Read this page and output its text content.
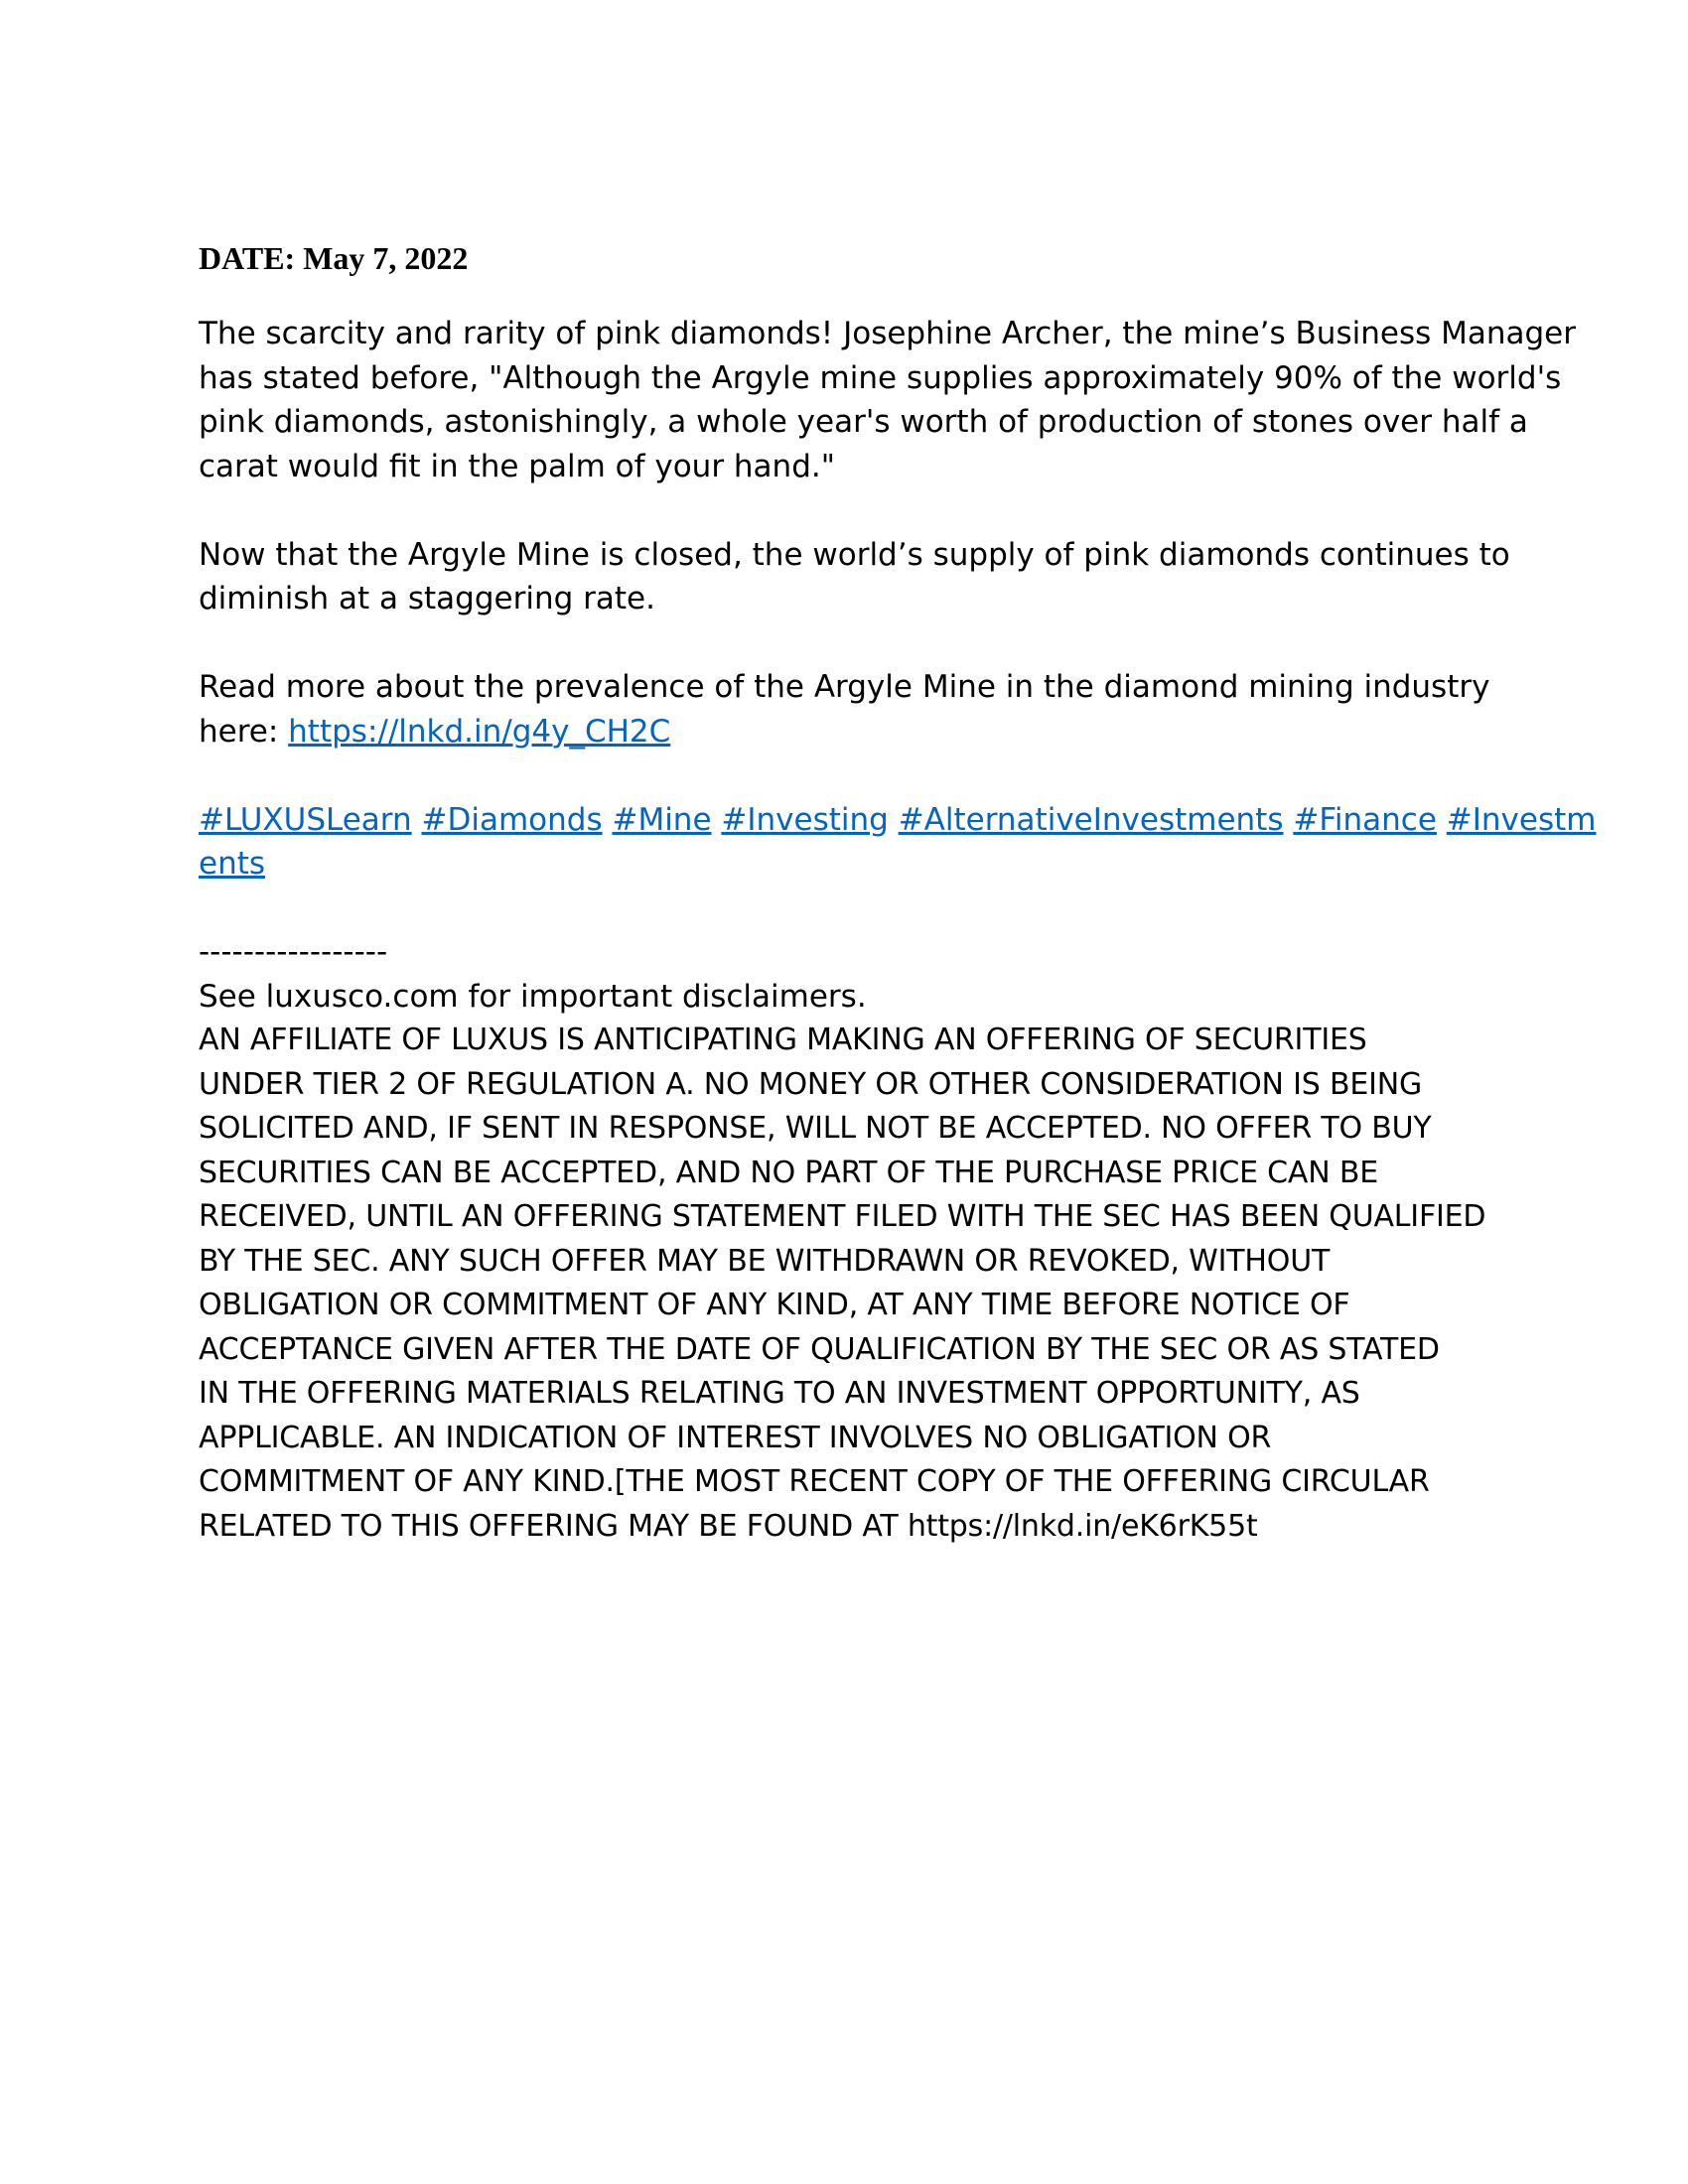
DATE: May 7, 2022
The scarcity and rarity of pink diamonds! Josephine Archer, the mine’s Business Manager
has stated before, "Although the Argyle mine supplies approximately 90% of the world's
pink diamonds, astonishingly, a whole year's worth of production of stones over half a
carat would fit in the palm of your hand."
Now that the Argyle Mine is closed, the world’s supply of pink diamonds continues to
diminish at a staggering rate.
Read more about the prevalence of the Argyle Mine in the diamond mining industry
here: https://lnkd.in/g4y_CH2C
#LUXUSLearn #Diamonds #Mine #Investing #AlternativeInvestments #Finance #Investm
ents
-----------------
See luxusco.com for important disclaimers.
AN AFFILIATE OF LUXUS IS ANTICIPATING MAKING AN OFFERING OF SECURITIES
UNDER TIER 2 OF REGULATION A. NO MONEY OR OTHER CONSIDERATION IS BEING
SOLICITED AND, IF SENT IN RESPONSE, WILL NOT BE ACCEPTED. NO OFFER TO BUY
SECURITIES CAN BE ACCEPTED, AND NO PART OF THE PURCHASE PRICE CAN BE
RECEIVED, UNTIL AN OFFERING STATEMENT FILED WITH THE SEC HAS BEEN QUALIFIED
BY THE SEC. ANY SUCH OFFER MAY BE WITHDRAWN OR REVOKED, WITHOUT
OBLIGATION OR COMMITMENT OF ANY KIND, AT ANY TIME BEFORE NOTICE OF
ACCEPTANCE GIVEN AFTER THE DATE OF QUALIFICATION BY THE SEC OR AS STATED
IN THE OFFERING MATERIALS RELATING TO AN INVESTMENT OPPORTUNITY, AS
APPLICABLE. AN INDICATION OF INTEREST INVOLVES NO OBLIGATION OR
COMMITMENT OF ANY KIND.[THE MOST RECENT COPY OF THE OFFERING CIRCULAR
RELATED TO THIS OFFERING MAY BE FOUND AT https://lnkd.in/eK6rK55t
